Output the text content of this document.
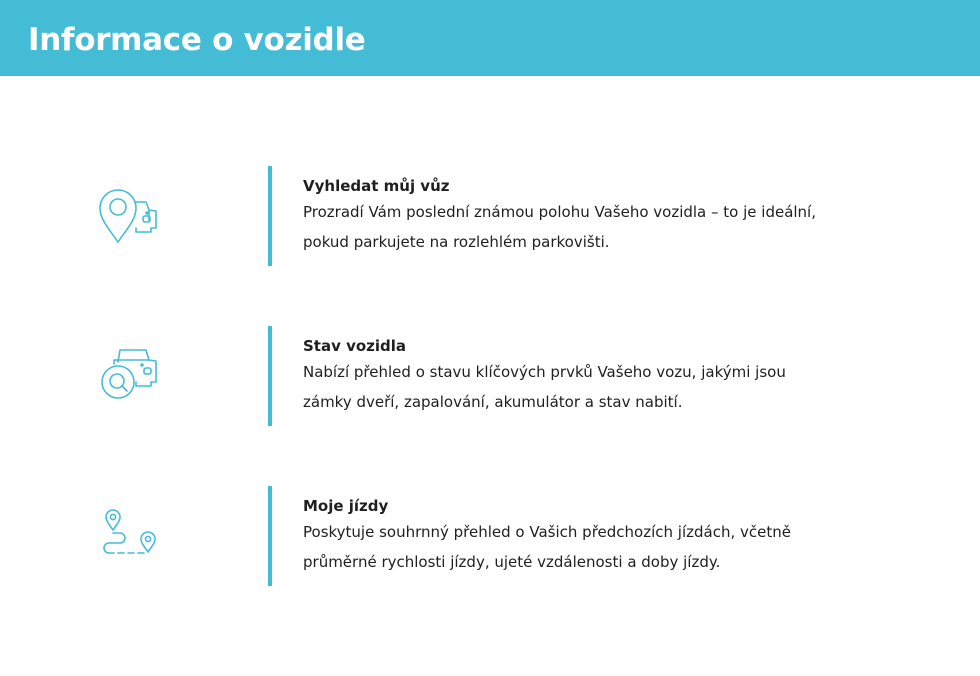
Informace o vozidle
Vyhledat můj vůz
Prozradí Vám poslední známou polohu Vašeho vozidla – to je ideální,
pokud parkujete na rozlehlém parkovišti.
Stav vozidla
Nabízí přehled o stavu klíčových prvků Vašeho vozu, jakými jsou
zámky dveří, zapalování, akumulátor a stav nabití.
Moje jízdy
Poskytuje souhrnný přehled o Vašich předchozích jízdách, včetně
průměrné rychlosti jízdy, ujeté vzdálenosti a doby jízdy.
